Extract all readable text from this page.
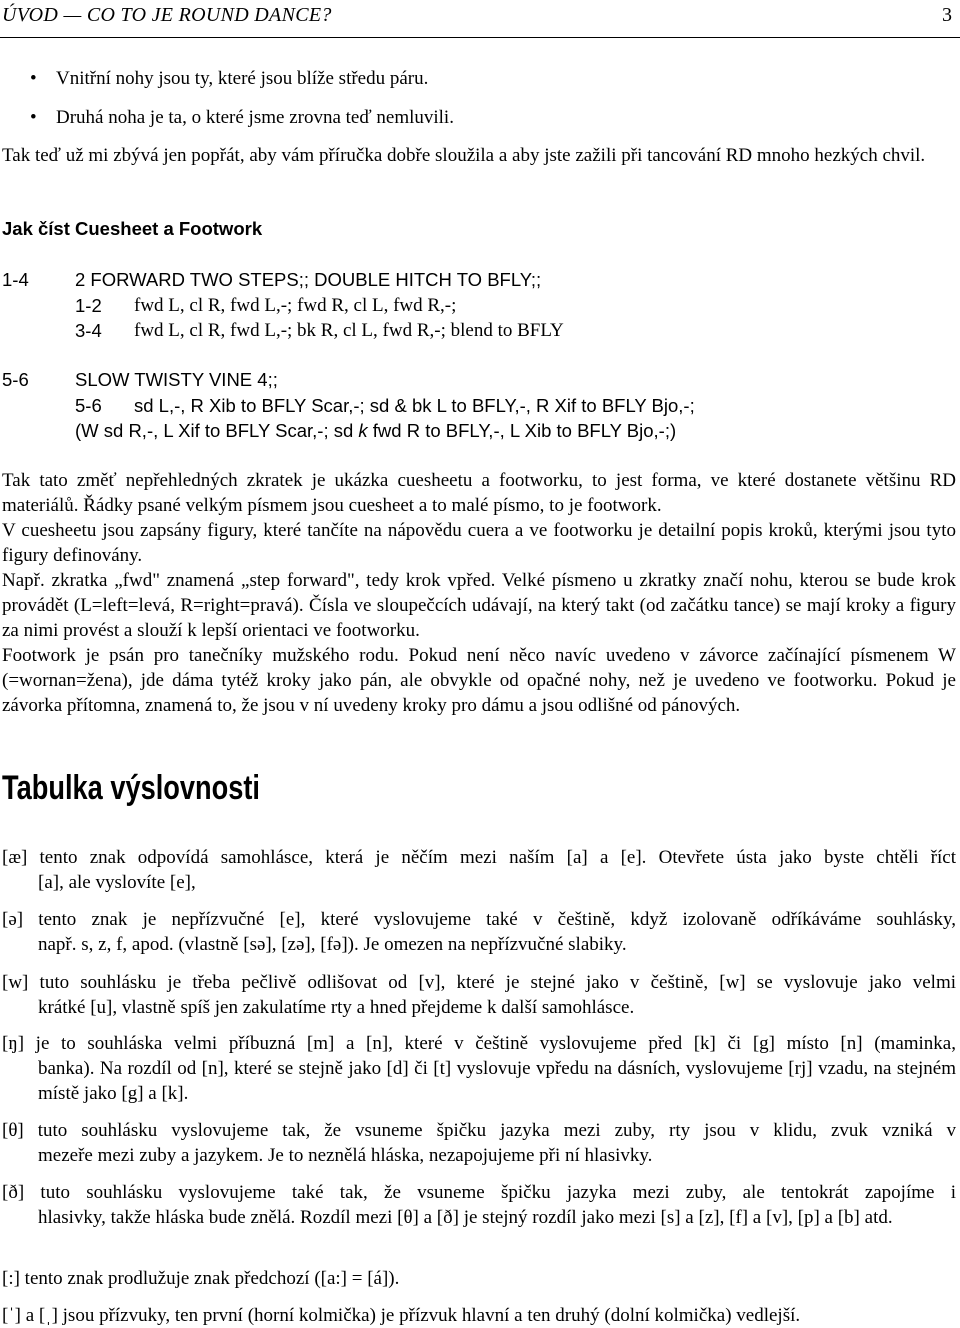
ÚVOD — CO TO JE ROUND DANCE?	3
• Vnitřní nohy jsou ty, které jsou blíže středu páru.
• Druhá noha je ta, o které jsme zrovna teď nemluvili.
Tak teď už mi zbývá jen popřát, aby vám příručka dobře sloužila a aby jste zažili při tancování RD mnoho hezkých chvil.
Jak číst Cuesheet a Footwork
1-4	2 FORWARD TWO STEPS;; DOUBLE HITCH TO BFLY;;
1-2 fwd L, cl R, fwd L,-; fwd R, cl L, fwd R,-;
3-4 fwd L, cl R, fwd L,-; bk R, cl L, fwd R,-; blend to BFLY
5-6	SLOW TWISTY VINE 4;;
5-6 sd L,-, R Xib to BFLY Scar,-; sd & bk L to BFLY,-, R Xif to BFLY Bjo,-;
(W sd R,-, L Xif to BFLY Scar,-; sd k fwd R to BFLY,-, L Xib to BFLY Bjo,-;)
Tak tato změť nepřehledných zkratek je ukázka cuesheetu a footworku, to jest forma, ve které dostanete většinu RD materiálů. Řádky psané velkým písmem jsou cuesheet a to malé písmo, to je footwork.
V cuesheetu jsou zapsány figury, které tančíte na nápovědu cuera a ve footworku je detailní popis kroků, kterými jsou tyto figury definovány.
Např. zkratka „fwd" znamená „step forward", tedy krok vpřed. Velké písmeno u zkratky značí nohu, kterou se bude krok provádět (L=left=levá, R=right=pravá). Čísla ve sloupečcích udávají, na který takt (od začátku tance) se mají kroky a figury za nimi provést a slouží k lepší orientaci ve footworku.
Footwork je psán pro tanečníky mužského rodu. Pokud není něco navíc uvedeno v závorce začínající písmenem W (=wornan=žena), jde dáma tytéž kroky jako pán, ale obvykle od opačné nohy, než je uvedeno ve footworku. Pokud je závorka přítomna, znamená to, že jsou v ní uvedeny kroky pro dámu a jsou odlišné od pánových.
Tabulka výslovnosti
[æ] tento znak odpovídá samohlásce, která je něčím mezi naším [a] a [e]. Otevřete ústa jako byste chtěli říct
[a], ale vyslovíte [e],
[ə] tento znak je nepřízvučné [e], které vyslovujeme také v češtině, když izolovaně odříkáváme souhlásky,
např. s, z, f, apod. (vlastně [sə], [zə], [fə]). Je omezen na nepřízvučné slabiky.
[w] tuto souhlásku je třeba pečlivě odlišovat od [v], které je stejné jako v češtině, [w] se vyslovuje jako velmi
krátké [u], vlastně spíš jen zakulatíme rty a hned přejdeme k další samohlásce.
[ŋ] je to souhláska velmi příbuzná [m] a [n], které v češtině vyslovujeme před [k] či [g] místo [n] (maminka,
banka). Na rozdíl od [n], které se stejně jako [d] či [t] vyslovuje vpředu na dásních, vyslovujeme [rj] vzadu, na stejném místě jako [g] a [k].
[θ] tuto souhlásku vyslovujeme tak, že vsuneme špičku jazyka mezi zuby, rty jsou v klidu, zvuk vzniká v
mezeře mezi zuby a jazykem. Je to neznělá hláska, nezapojujeme při ní hlasivky.
[ð] tuto souhlásku vyslovujeme také tak, že vsuneme špičku jazyka mezi zuby, ale tentokrát zapojíme i
hlasivky, takže hláska bude znělá. Rozdíl mezi [θ] a [ð] je stejný rozdíl jako mezi [s] a [z], [f] a [v], [p] a [b] atd.
[:] tento znak prodlužuje znak předchozí ([a:] = [á]).
[ˈ] a [ˌ] jsou přízvuky, ten první (horní kolmička) je přízvuk hlavní a ten druhý (dolní kolmička) vedlejší.
